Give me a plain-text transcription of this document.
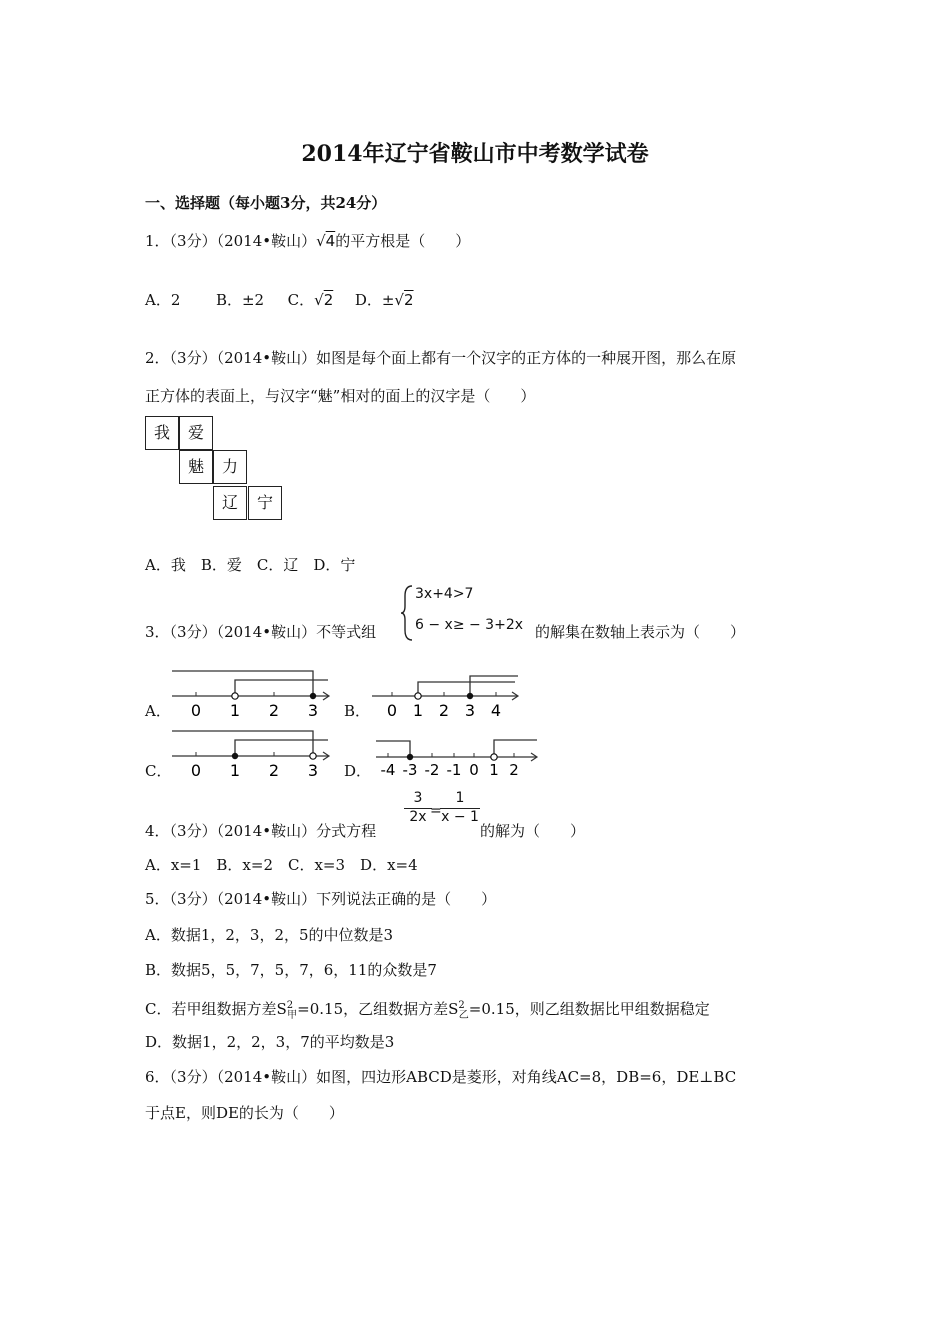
2014年辽宁省鞍山市中考数学试卷
一、选择题（每小题3分，共24分）
1．（3分）（2014•鞍山）√4的平方根是（　　）
A．2 B．±2 C．√2 D．±√2
2．（3分）（2014•鞍山）如图是每个面上都有一个汉字的正方体的一种展开图，那么在原
正方体的表面上，与汉字“魅”相对的面上的汉字是（　　）
我	爱
魅	力
辽	宁
A．我　B．爱　C．辽　D．宁
3．（3分）（2014•鞍山）不等式组
3x+4>7
6 − x≥ − 3+2x 的解集在数轴上表示为（　　）
A． 0 1 2 3 B． 0 1 2 3 4
C． 0 1 2 3 D． -4 -3 -2 -1 0 1 2
4．（3分）（2014•鞍山）分式方程
$\frac{3}{2x}$
=
$\frac{1}{x - 1}$
的解为（　　）
A．x=1　B．x=2　C．x=3　D．x=4
5．（3分）（2014•鞍山）下列说法正确的是（　　）
A．数据1，2，3，2，5的中位数是3
B．数据5，5，7，5，7，6，11的众数是7
C．若甲组数据方差$S^2_甲=0.15$，乙组数据方差$S^2_乙=0.15$，则乙组数据比甲组数据稳定
D．数据1，2，2，3，7的平均数是3
6．（3分）（2014•鞍山）如图，四边形ABCD是菱形，对角线AC=8，DB=6，DE⊥BC
于点E，则DE的长为（　　）
